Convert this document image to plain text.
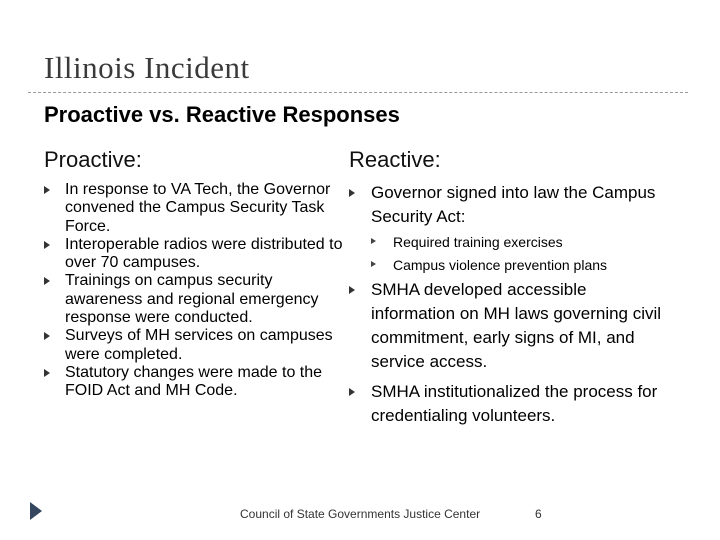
Illinois Incident
Proactive vs. Reactive Responses
Proactive:	Reactive:
In response to VA Tech, the Governor convened the Campus Security Task Force.
Interoperable radios were distributed to over 70 campuses.
Trainings on campus security awareness and regional emergency response were conducted.
Surveys of MH services on campuses were completed.
Statutory changes were made to the FOID Act and MH Code.
Governor signed into law the Campus Security Act:
Required training exercises
Campus violence prevention plans
SMHA developed accessible information on MH laws governing civil commitment, early signs of MI, and service access.
SMHA institutionalized the process for credentialing volunteers.
Council of State Governments Justice Center	6
